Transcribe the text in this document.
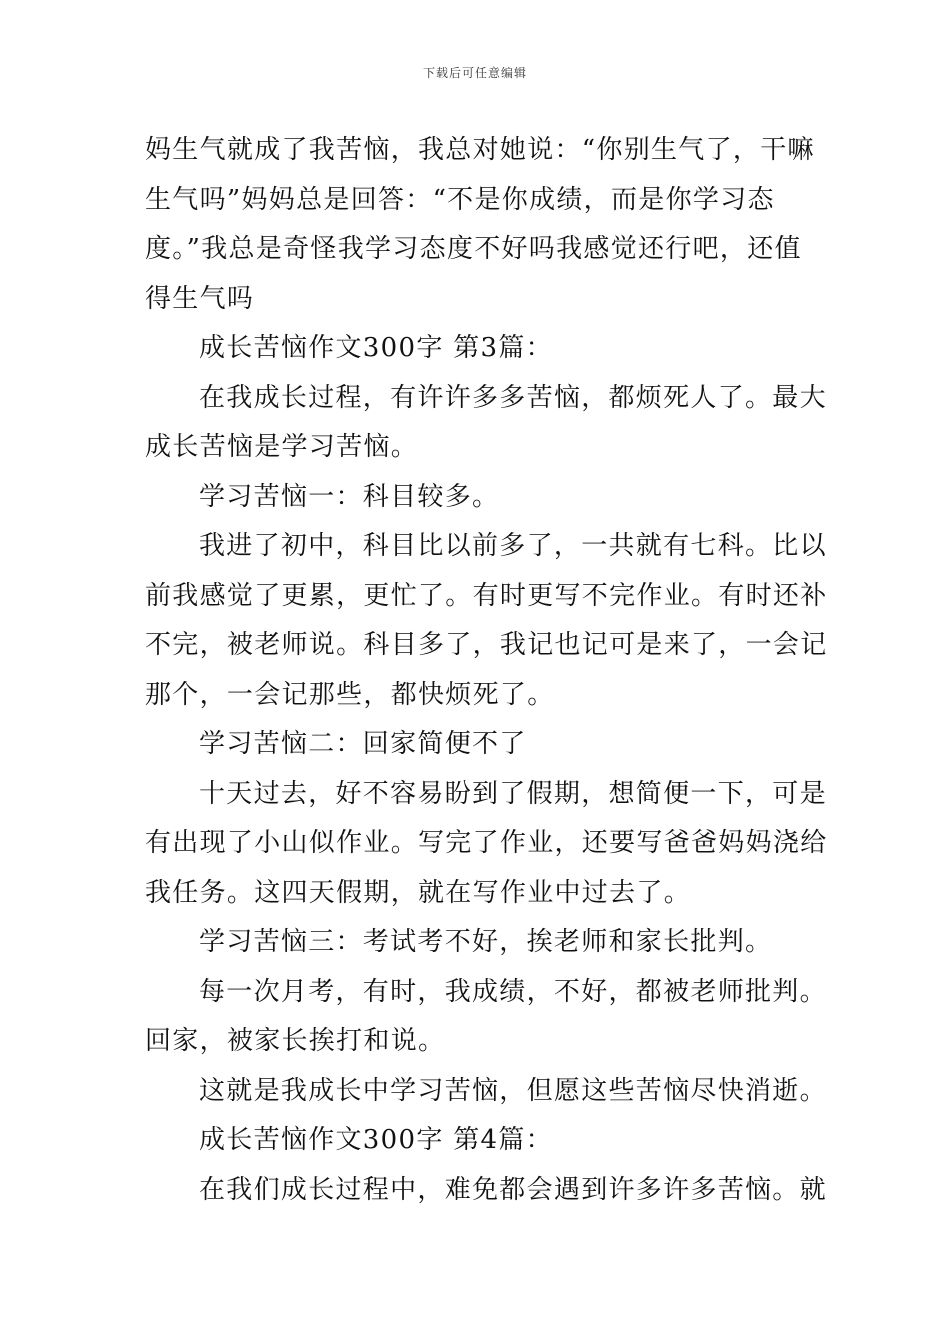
下载后可任意编辑

妈生气就成了我苦恼，我总对她说：“你别生气了，干嘛

生气吗”妈妈总是回答：“不是你成绩，而是你学习态

度。”我总是奇怪我学习态度不好吗我感觉还行吧，还值

得生气吗

成长苦恼作文300字 第3篇：

在我成长过程，有许许多多苦恼，都烦死人了。最大

成长苦恼是学习苦恼。

学习苦恼一：科目较多。

我进了初中，科目比以前多了，一共就有七科。比以

前我感觉了更累，更忙了。有时更写不完作业。有时还补

不完，被老师说。科目多了，我记也记可是来了，一会记

那个，一会记那些，都快烦死了。

学习苦恼二：回家简便不了

十天过去，好不容易盼到了假期，想简便一下，可是

有出现了小山似作业。写完了作业，还要写爸爸妈妈浇给

我任务。这四天假期，就在写作业中过去了。

学习苦恼三：考试考不好，挨老师和家长批判。

每一次月考，有时，我成绩，不好，都被老师批判。

回家，被家长挨打和说。

这就是我成长中学习苦恼，但愿这些苦恼尽快消逝。

成长苦恼作文300字 第4篇：

在我们成长过程中，难免都会遇到许多许多苦恼。就
